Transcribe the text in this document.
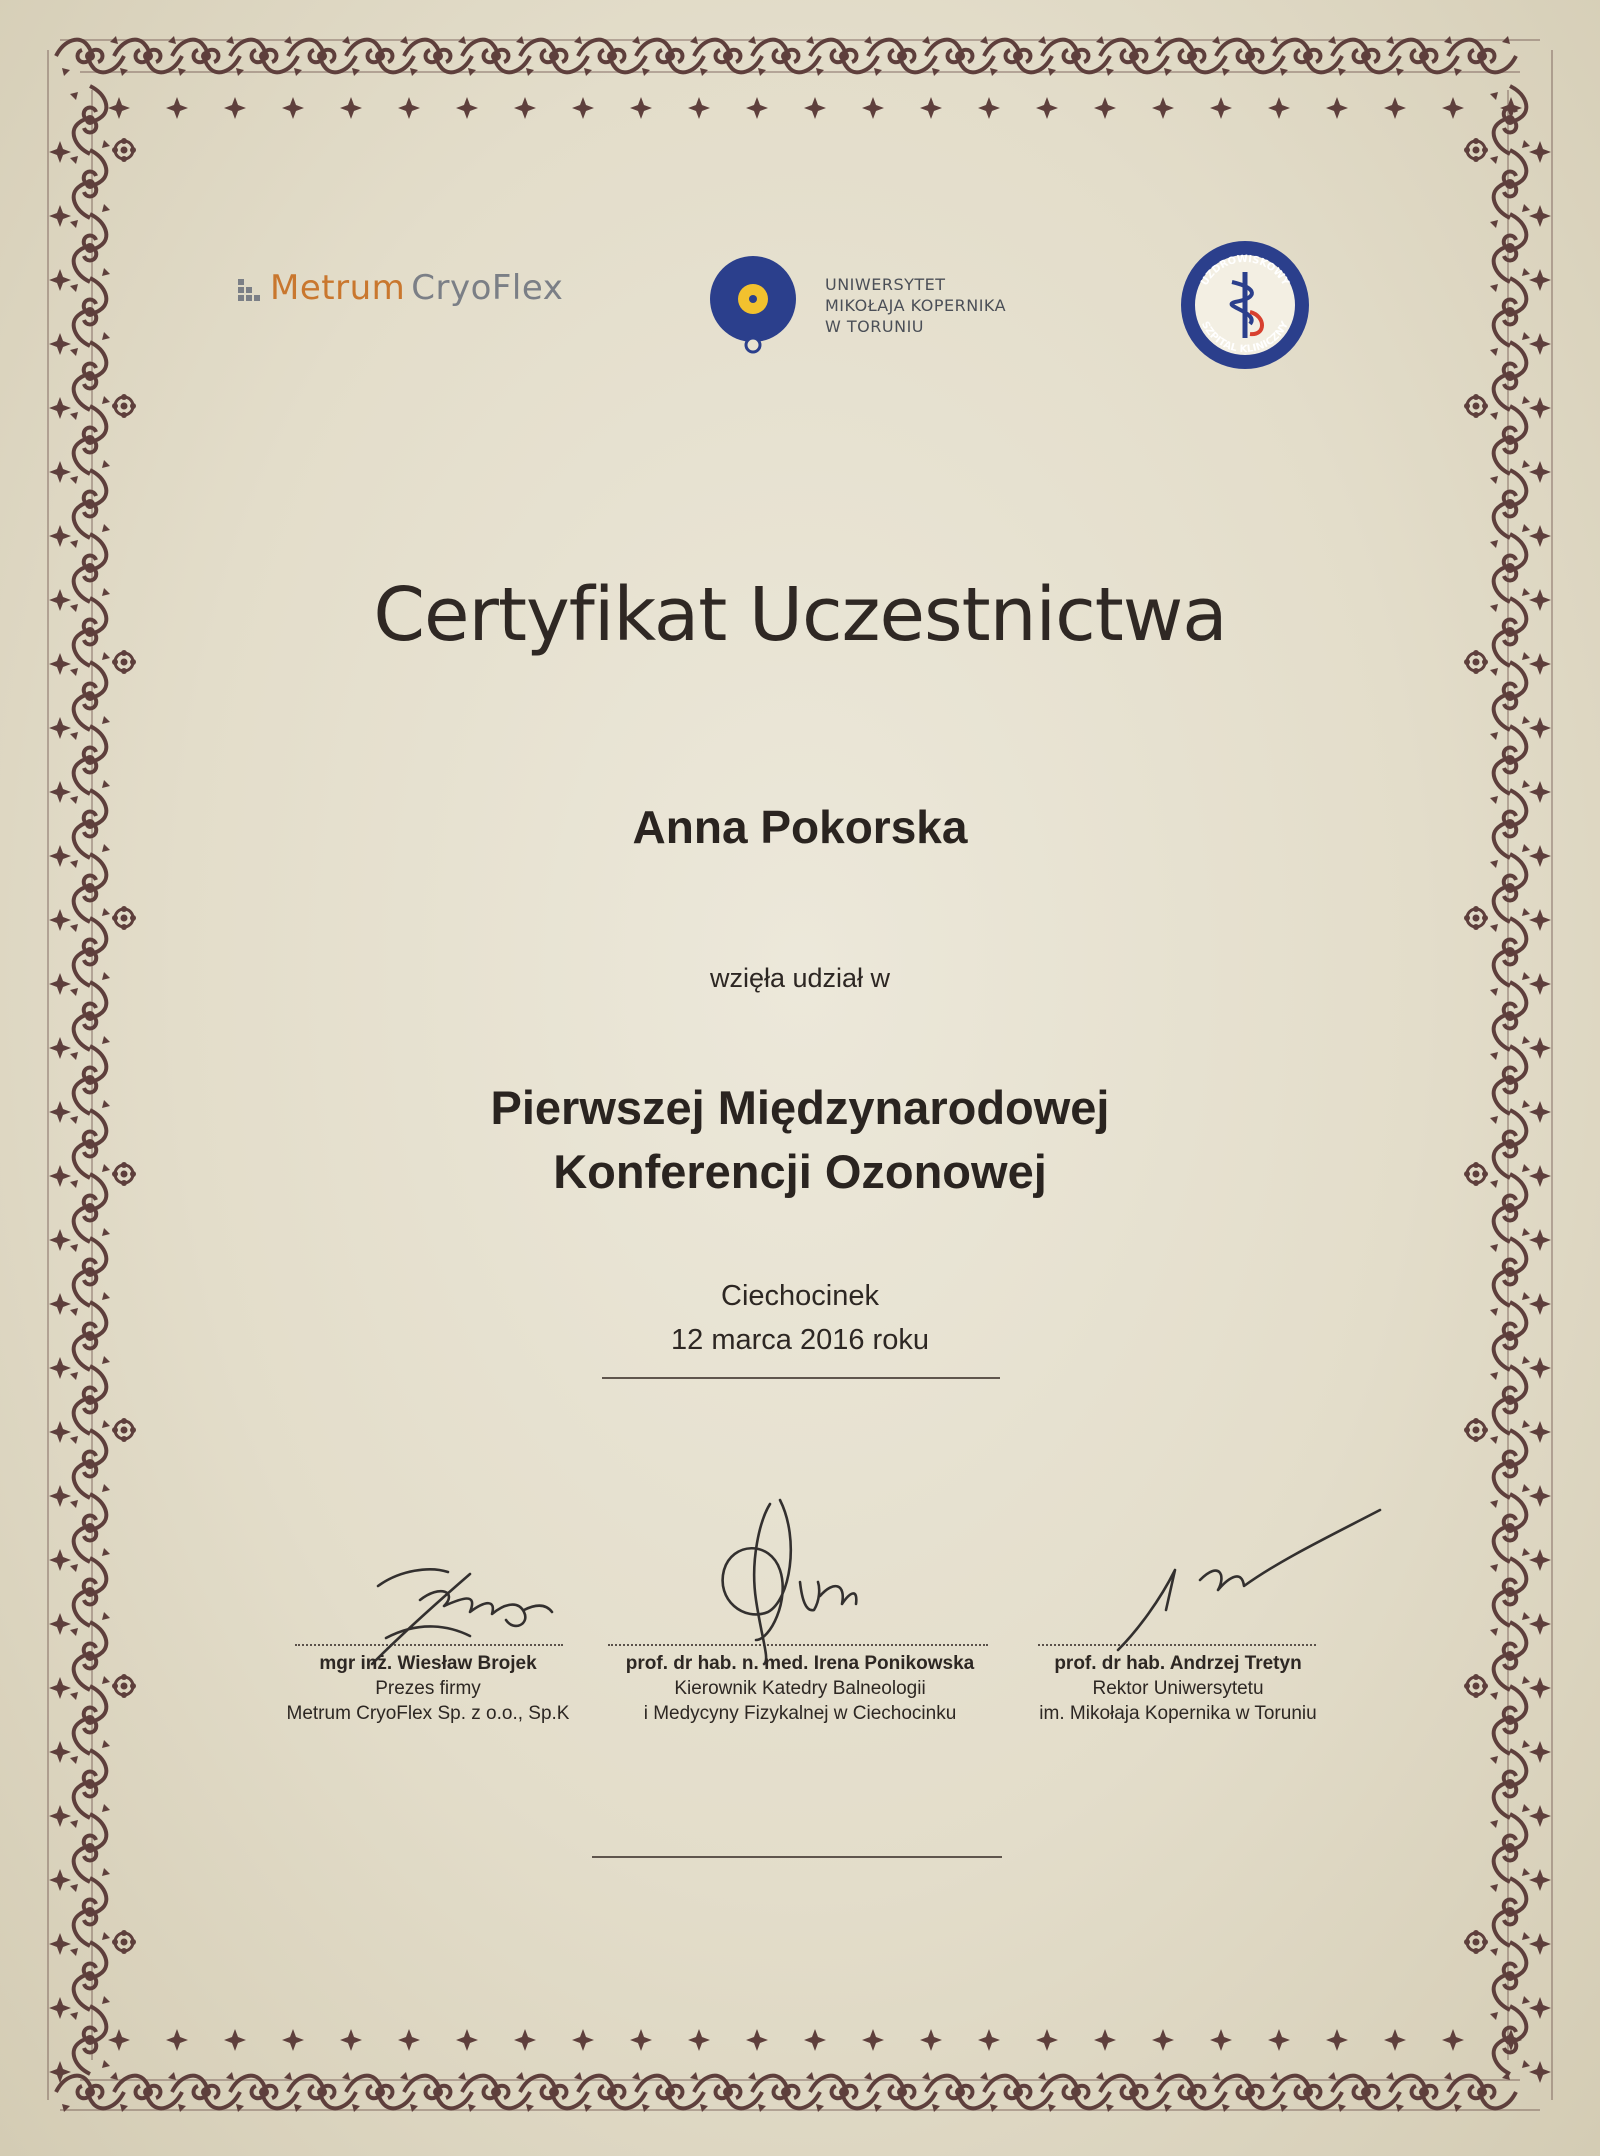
Metrum CryoFlex	UNIWERSYTET
MIKOŁAJA KOPERNIKA
W TORUNIU
UZDROWISKOWY
SZPITAL KLINICZNY
Certyfikat Uczestnictwa
Anna Pokorska
wzięła udział w
Pierwszej Międzynarodowej
Konferencji Ozonowej
Ciechocinek
12 marca 2016 roku
mgr inż. Wiesław Brojek
Prezes firmy
Metrum CryoFlex Sp. z o.o., Sp.K
prof. dr hab. n. med. Irena Ponikowska
Kierownik Katedry Balneologii
i Medycyny Fizykalnej w Ciechocinku
prof. dr hab. Andrzej Tretyn
Rektor Uniwersytetu
im. Mikołaja Kopernika w Toruniu
